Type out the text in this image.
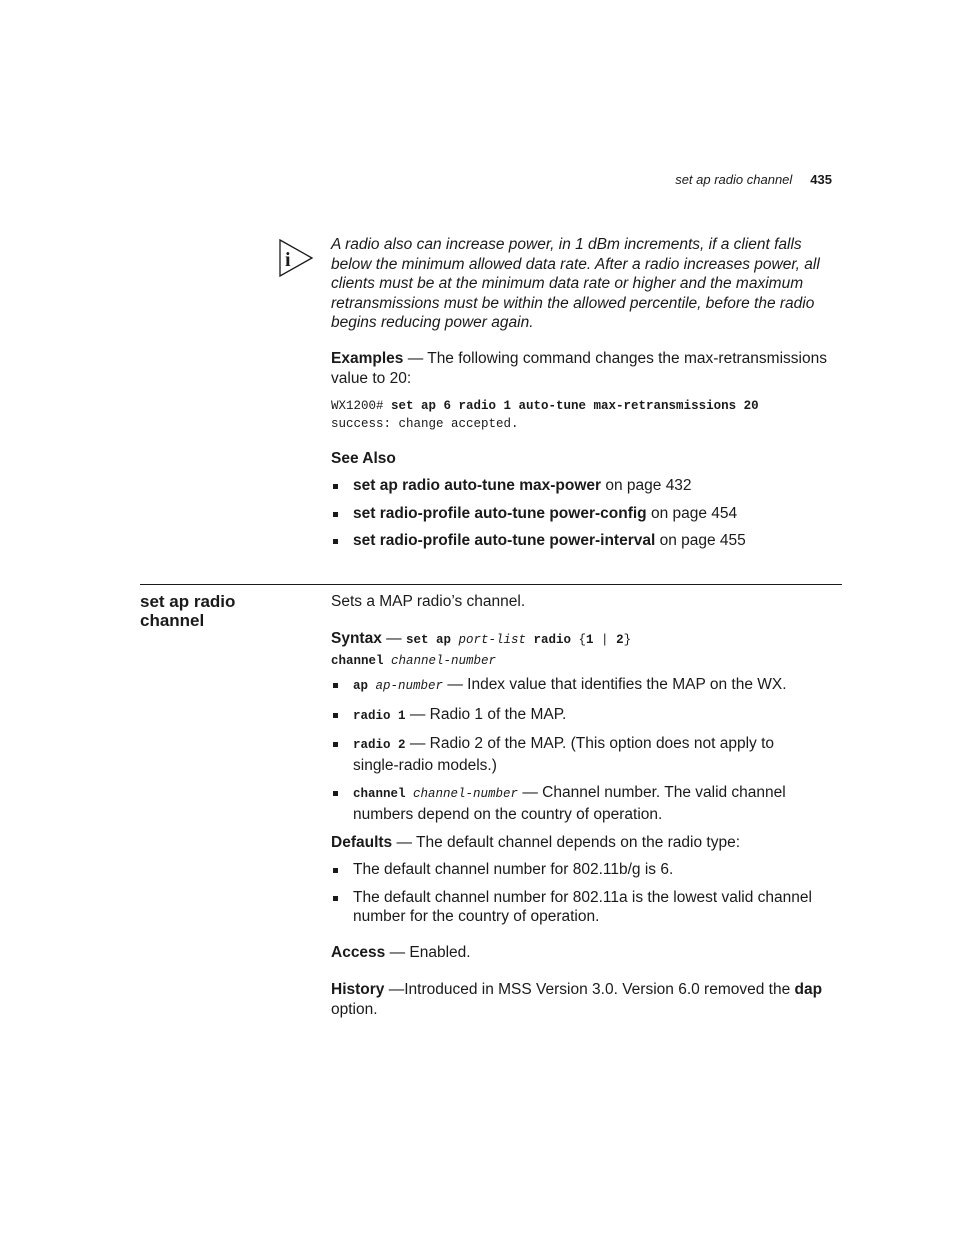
set ap radio channel 435
i

A radio also can increase power, in 1 dBm increments, if a client falls below the minimum allowed data rate. After a radio increases power, all clients must be at the minimum data rate or higher and the maximum retransmissions must be within the allowed percentile, before the radio begins reducing power again.

Examples — The following command changes the max-retransmissions value to 20:
WX1200# set ap 6 radio 1 auto-tune max-retransmissions 20
success: change accepted.
See Also
set ap radio auto-tune max-power on page 432
set radio-profile auto-tune power-config on page 454
set radio-profile auto-tune power-interval on page 455
set ap radio
channel
Sets a MAP radio’s channel.
Syntax — set ap port-list radio {1 | 2}
channel channel-number
ap ap-number — Index value that identifies the MAP on the WX.
radio 1 — Radio 1 of the MAP.
radio 2 — Radio 2 of the MAP. (This option does not apply to single-radio models.)
channel channel-number — Channel number. The valid channel numbers depend on the country of operation.
Defaults — The default channel depends on the radio type:
The default channel number for 802.11b/g is 6.
The default channel number for 802.11a is the lowest valid channel number for the country of operation.
Access — Enabled.
History —Introduced in MSS Version 3.0. Version 6.0 removed the dap option.
